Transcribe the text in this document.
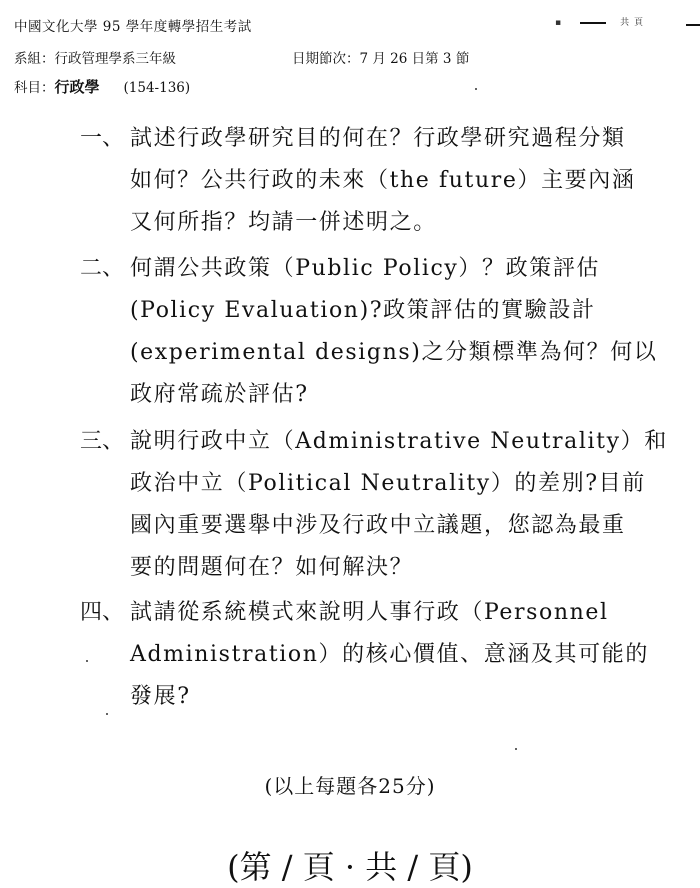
中國文化大學 95 學年度轉學招生考試
系組：行政管理學系三年級	日期節次：7 月 26 日第 3 節
科目：行政學 (154-136)
▪	共 頁
一、 試述行政學研究目的何在？行政學研究過程分類
如何？公共行政的未來（the future）主要內涵
又何所指？均請一併述明之。
二、 何謂公共政策（Public Policy）？政策評估
(Policy Evaluation)?政策評估的實驗設計
(experimental designs)之分類標準為何？何以
政府常疏於評估?
三、 說明行政中立（Administrative Neutrality）和
政治中立（Political Neutrality）的差別?目前
國內重要選舉中涉及行政中立議題，您認為最重
要的問題何在？如何解決？
四、 試請從系統模式來說明人事行政（Personnel
Administration）的核心價值、意涵及其可能的
發展?
(以上每題各25分)
(第 / 頁 · 共 / 頁)
